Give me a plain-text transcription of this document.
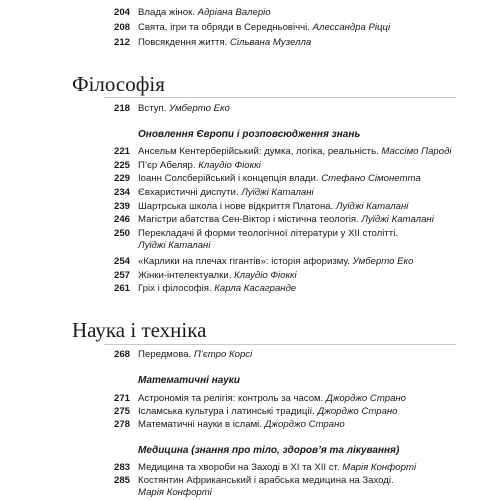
204 Влада жінок. Адріана Валеріо
208 Свята, ігри та обряди в Середньовіччі. Алессандра Ріцці
212 Повсякдення життя. Сільвана Музелла
Філософія
218 Вступ. Умберто Еко
Оновлення Європи і розповсюдження знань
221 Ансельм Кентерберійський: думка, логіка, реальність. Массімо Пароді
225 П’єр Абеляр. Клаудіо Фіоккі
229 Іоанн Солсберійський і концепція влади. Стефано Сімонетта
234 Євхаристичні диспути. Луїджі Каталані
239 Шартрська школа і нове відкриття Платона. Луїджі Каталані
246 Магістри абатства Сен-Віктор і містична теологія. Луїджі Каталані
250 Перекладачі й форми теологічної літератури у XII столітті.
Луїджі Каталані
254 «Карлики на плечах гігантів»: історія афоризму. Умберто Еко
257 Жінки-інтелектуалки. Клаудіо Фіоккі
261 Гріх і філософія. Карла Касагранде
Наука і техніка
268 Передмова. П’єтро Корсі
Математичні науки
271 Астрономія та релігія: контроль за часом. Джорджо Страно
275 Ісламська культура і латинські традиції. Джорджо Страно
278 Математичні науки в ісламі. Джорджо Страно
Медицина (знання про тіло, здоров’я та лікування)
283 Медицина та хвороби на Заході в XI та XII ст. Марія Конфорті
285 Костянтин Африканський і арабська медицина на Заході.
Марія Конфорті
